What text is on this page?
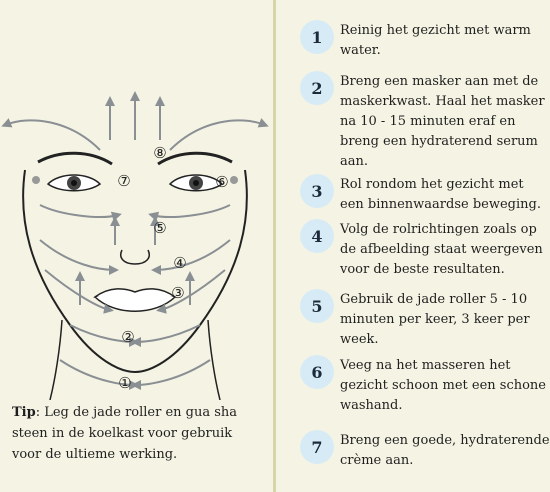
①
②
③
④
⑤
⑥
⑦
⑧
Tip: Leg de jade roller en gua sha steen in de koelkast voor gebruik voor de ultieme werking.
1	Reinig het gezicht met warm water.
2	Breng een masker aan met de maskerkwast. Haal het masker na 10 - 15 minuten eraf en breng een hydraterend serum aan.
3	Rol rondom het gezicht met een binnenwaardse beweging.
4	Volg de rolrichtingen zoals op de afbeelding staat weergeven voor de beste resultaten.
5	Gebruik de jade roller 5 - 10 minuten per keer, 3 keer per week.
6	Veeg na het masseren het gezicht schoon met een schone washand.
7	Breng een goede, hydraterende crème aan.
